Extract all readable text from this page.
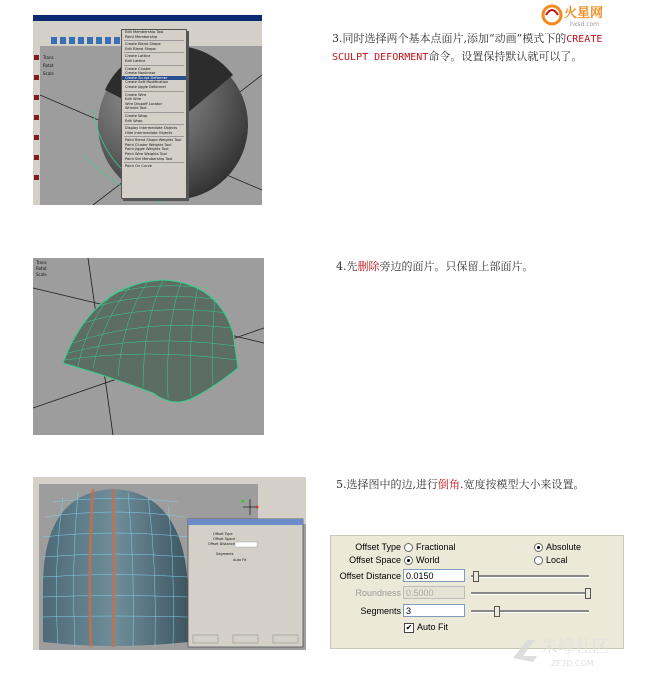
火星网
hxsd.com
Trans
Rotat
Scale
Edit Membership Tool
Paint Membership
Create Blend Shape
Edit Blend Shape
Create Lattice
Edit Lattice
Create Cluster
Create Nonlinear
Create Sculpt Deformer
Create Soft Modification
Create Jiggle Deformer
Create Wire
Edit Wire
Wire Dropoff Locator
Wrinkle Tool
Create Wrap
Edit Wrap
Display Intermediate Objects
Hide Intermediate Objects
Paint Blend Shape Weights Tool
Paint Cluster Weights Tool
Paint Jiggle Weights Tool
Paint Wire Weights Tool
Paint Set Membership Tool
Point On Curve
3.同时选择两个基本点面片,添加“动画”模式下的CREATE SCULPT DEFORMENT命令。设置保持默认就可以了。
Trans
Rotat
Scale
4.先删除旁边的面片。只保留上部面片。
Offset Type
Offset Space
Offset Distance
Segments
Auto Fit
5.选择图中的边,进行倒角.宽度按模型大小来设置。
Offset Type Fractional	Absolute
Offset Space World	Local
Offset Distance 0.0150
Roundness 0.5000
Segments 3
✔ Auto Fit
朱峰社区
ZF3D.COM
